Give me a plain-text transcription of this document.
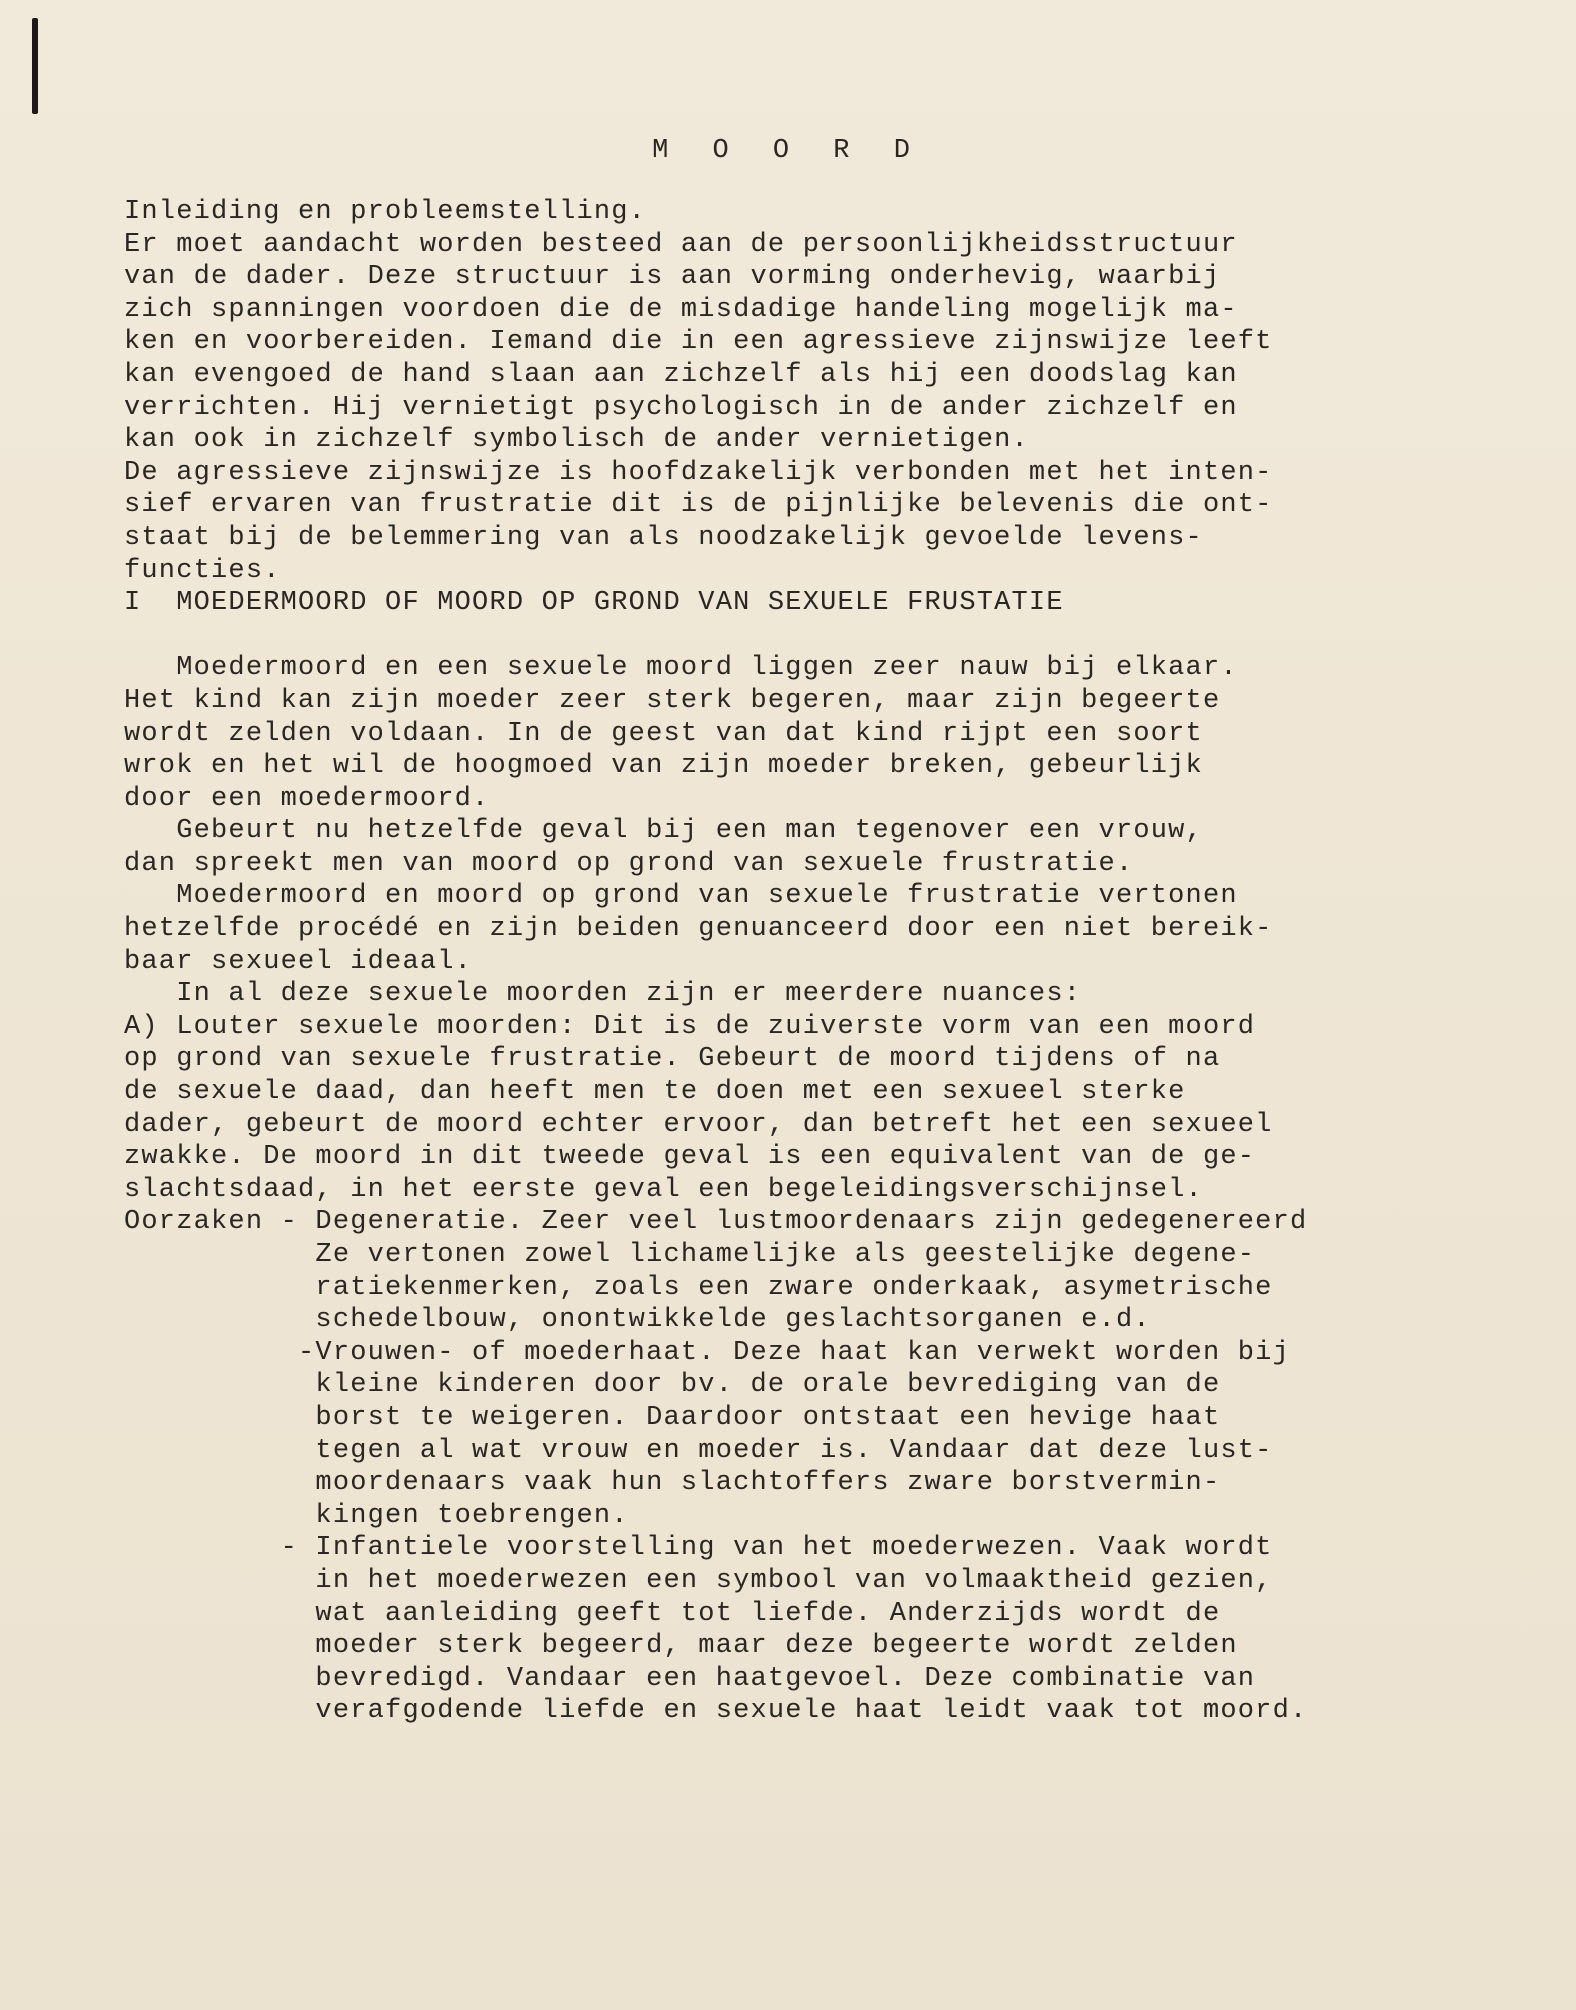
M O O R D
Inleiding en probleemstelling.
Er moet aandacht worden besteed aan de persoonlijkheidsstructuur
van de dader. Deze structuur is aan vorming onderhevig, waarbij
zich spanningen voordoen die de misdadige handeling mogelijk ma-
ken en voorbereiden. Iemand die in een agressieve zijnswijze leeft
kan evengoed de hand slaan aan zichzelf als hij een doodslag kan
verrichten. Hij vernietigt psychologisch in de ander zichzelf en
kan ook in zichzelf symbolisch de ander vernietigen.
De agressieve zijnswijze is hoofdzakelijk verbonden met het inten-
sief ervaren van frustratie dit is de pijnlijke belevenis die ont-
staat bij de belemmering van als noodzakelijk gevoelde levens-
functies.
I  MOEDERMOORD OF MOORD OP GROND VAN SEXUELE FRUSTATIE
Moedermoord en een sexuele moord liggen zeer nauw bij elkaar.
Het kind kan zijn moeder zeer sterk begeren, maar zijn begeerte
wordt zelden voldaan. In de geest van dat kind rijpt een soort
wrok en het wil de hoogmoed van zijn moeder breken, gebeurlijk
door een moedermoord.
Gebeurt nu hetzelfde geval bij een man tegenover een vrouw,
dan spreekt men van moord op grond van sexuele frustratie.
Moedermoord en moord op grond van sexuele frustratie vertonen
hetzelfde procédé en zijn beiden genuanceerd door een niet bereik-
baar sexueel ideaal.
In al deze sexuele moorden zijn er meerdere nuances:
A) Louter sexuele moorden: Dit is de zuiverste vorm van een moord
op grond van sexuele frustratie. Gebeurt de moord tijdens of na
de sexuele daad, dan heeft men te doen met een sexueel sterke
dader, gebeurt de moord echter ervoor, dan betreft het een sexueel
zwakke. De moord in dit tweede geval is een equivalent van de ge-
slachtsdaad, in het eerste geval een begeleidingsverschijnsel.
Oorzaken - Degeneratie. Zeer veel lustmoordenaars zijn gedegenereerd
Ze vertonen zowel lichamelijke als geestelijke degene-
ratiekenmerken, zoals een zware onderkaak, asymetrische
schedelbouw, onontwikkelde geslachtsorganen e.d.
-Vrouwen- of moederhaat. Deze haat kan verwekt worden bij
kleine kinderen door bv. de orale bevrediging van de
borst te weigeren. Daardoor ontstaat een hevige haat
tegen al wat vrouw en moeder is. Vandaar dat deze lust-
moordenaars vaak hun slachtoffers zware borstvermin-
kingen toebrengen.
- Infantiele voorstelling van het moederwezen. Vaak wordt
in het moederwezen een symbool van volmaaktheid gezien,
wat aanleiding geeft tot liefde. Anderzijds wordt de
moeder sterk begeerd, maar deze begeerte wordt zelden
bevredigd. Vandaar een haatgevoel. Deze combinatie van
verafgodende liefde en sexuele haat leidt vaak tot moord.
